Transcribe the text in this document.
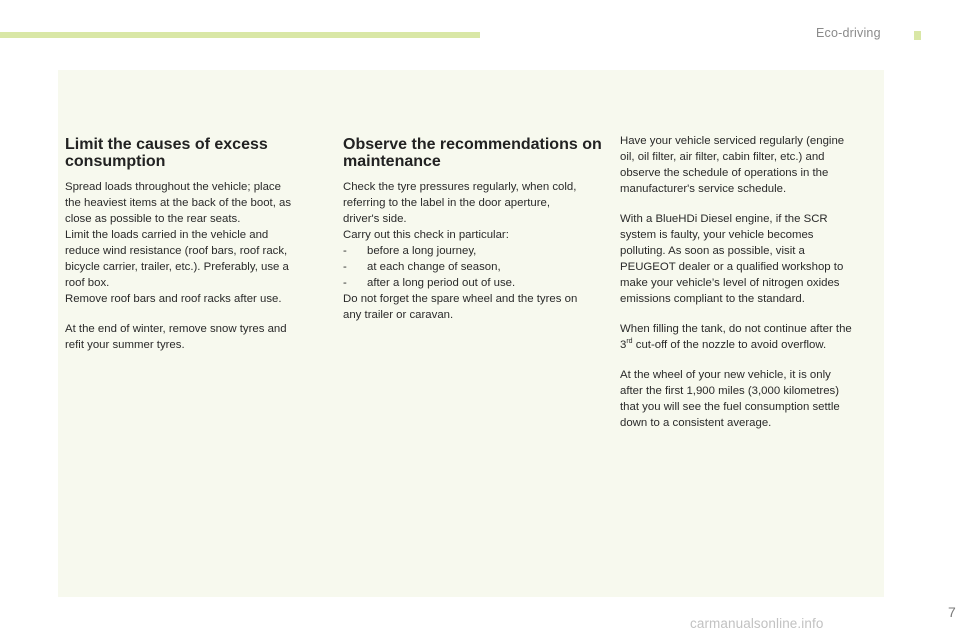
Eco-driving
Limit the causes of excess consumption

Spread loads throughout the vehicle; place
the heaviest items at the back of the boot, as
close as possible to the rear seats.
Limit the loads carried in the vehicle and
reduce wind resistance (roof bars, roof rack,
bicycle carrier, trailer, etc.). Preferably, use a
roof box.
Remove roof bars and roof racks after use.

At the end of winter, remove snow tyres and
refit your summer tyres.

Observe the recommendations on maintenance

Check the tyre pressures regularly, when cold,
referring to the label in the door aperture,
driver's side.
Carry out this check in particular:

- before a long journey,
- at each change of season,
- after a long period out of use.

Do not forget the spare wheel and the tyres on
any trailer or caravan.

Have your vehicle serviced regularly (engine
oil, oil filter, air filter, cabin filter, etc.) and
observe the schedule of operations in the
manufacturer's service schedule.

With a BlueHDi Diesel engine, if the SCR
system is faulty, your vehicle becomes
polluting. As soon as possible, visit a
PEUGEOT dealer or a qualified workshop to
make your vehicle’s level of nitrogen oxides
emissions compliant to the standard.

When filling the tank, do not continue after the
3rd cut-off of the nozzle to avoid overflow.

At the wheel of your new vehicle, it is only
after the first 1,900 miles (3,000 kilometres)
that you will see the fuel consumption settle
down to a consistent average.

7
carmanualsonline.info
